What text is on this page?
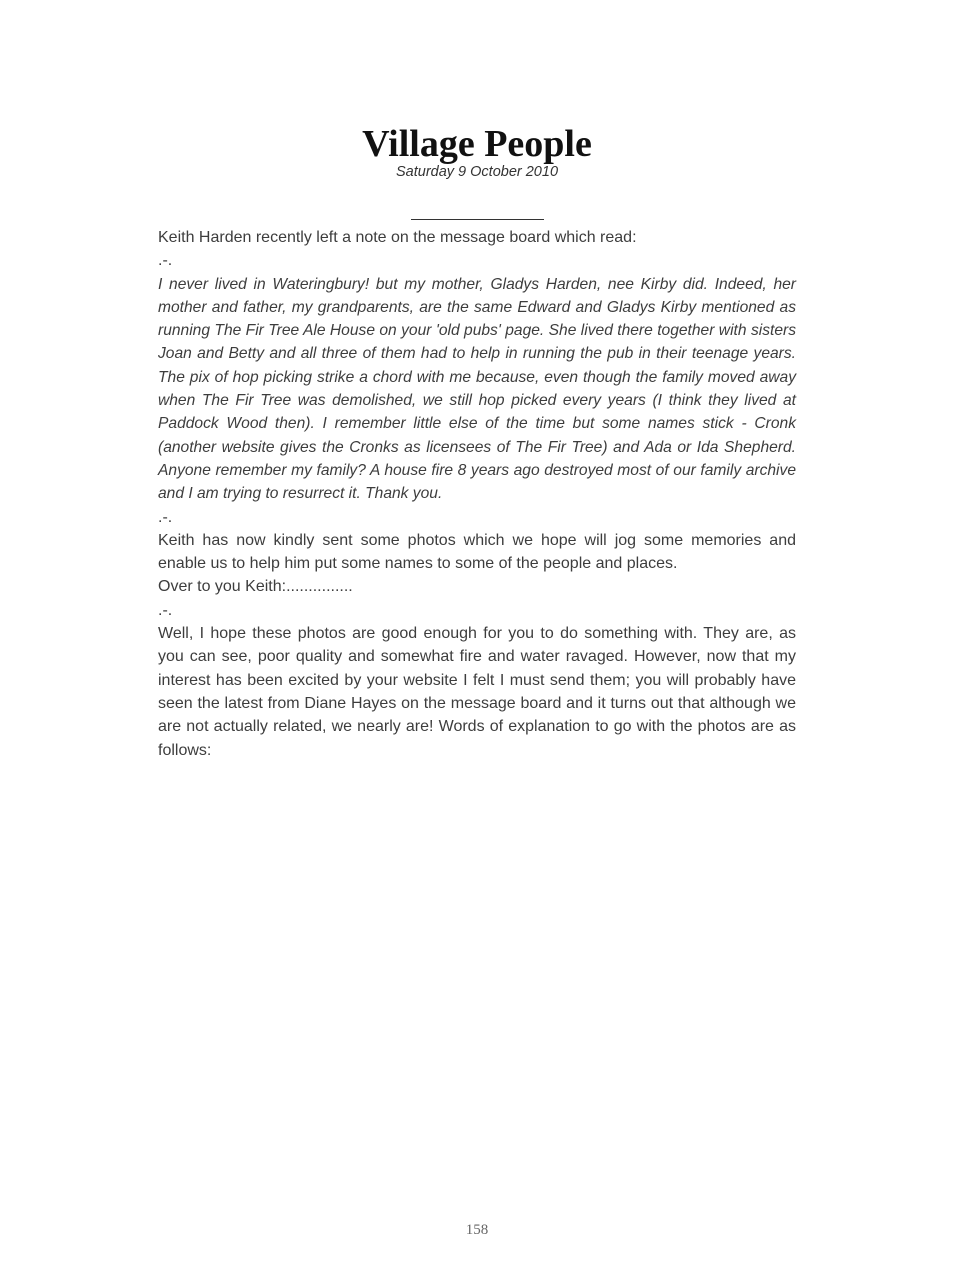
Village People
Saturday 9 October 2010

Keith Harden recently left a note on the message board which read:

.-.

I never lived in Wateringbury! but my mother, Gladys Harden, nee Kirby did. Indeed, her mother and father, my grandparents, are the same Edward and Gladys Kirby mentioned as running The Fir Tree Ale House on your 'old pubs' page. She lived there together with sisters Joan and Betty and all three of them had to help in running the pub in their teenage years. The pix of hop picking strike a chord with me because, even though the family moved away when The Fir Tree was demolished, we still hop picked every years (I think they lived at Paddock Wood then). I remember little else of the time but some names stick - Cronk (another website gives the Cronks as licensees of The Fir Tree) and Ada or Ida Shepherd. Anyone remember my family? A house fire 8 years ago destroyed most of our family archive and I am trying to resurrect it. Thank you.

.-.

Keith has now kindly sent some photos which we hope will jog some memories and enable us to help him put some names to some of the people and places.

Over to you Keith:...............

.-.

Well, I hope these photos are good enough for you to do something with. They are, as you can see, poor quality and somewhat fire and water ravaged. However, now that my interest has been excited by your website I felt I must send them; you will probably have seen the latest from Diane Hayes on the message board and it turns out that although we are not actually related, we nearly are! Words of explanation to go with the photos are as follows:

158
